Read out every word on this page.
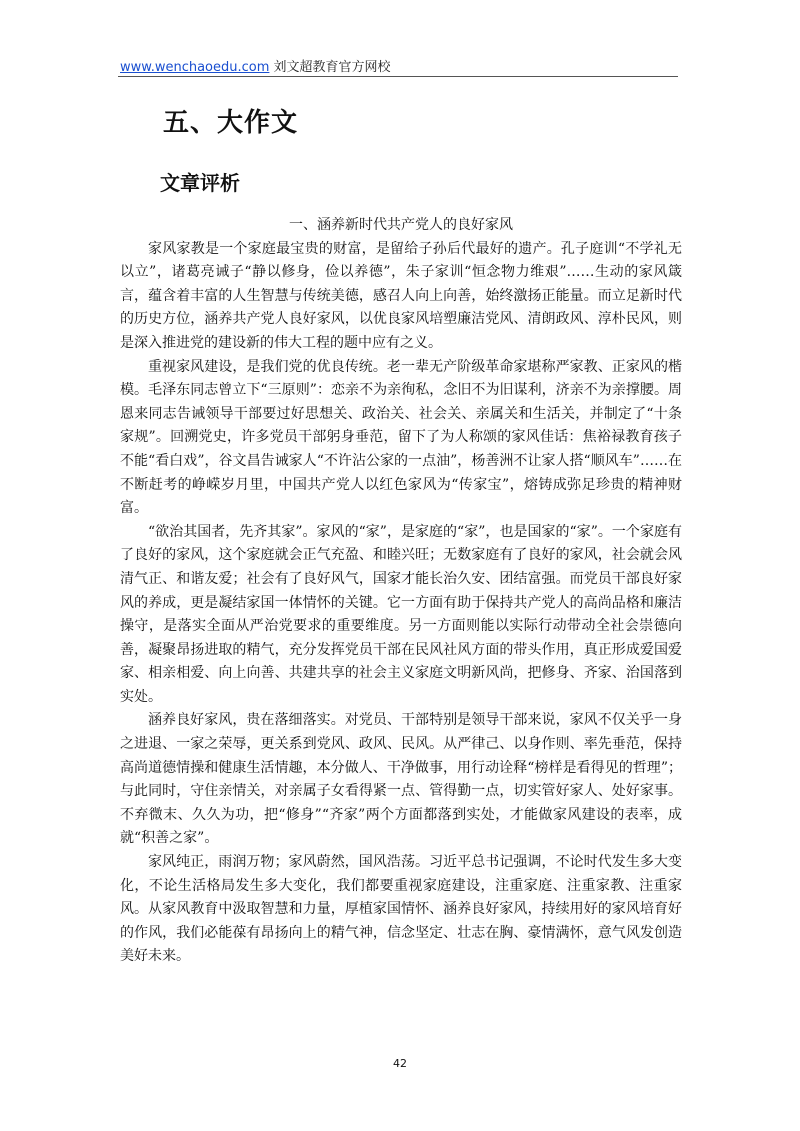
www.wenchaoedu.com 刘文超教育官方网校
五、大作文
文章评析
一、涵养新时代共产党人的良好家风

家风家教是一个家庭最宝贵的财富，是留给子孙后代最好的遗产。孔子庭训“不学礼无以立”，诸葛亮诫子“静以修身，俭以养德”，朱子家训“恒念物力维艰”……生动的家风箴言，蕴含着丰富的人生智慧与传统美德，感召人向上向善，始终激扬正能量。而立足新时代的历史方位，涵养共产党人良好家风，以优良家风培塑廉洁党风、清朗政风、淳朴民风，则是深入推进党的建设新的伟大工程的题中应有之义。

重视家风建设，是我们党的优良传统。老一辈无产阶级革命家堪称严家教、正家风的楷模。毛泽东同志曾立下“三原则”：恋亲不为亲徇私，念旧不为旧谋利，济亲不为亲撑腰。周恩来同志告诫领导干部要过好思想关、政治关、社会关、亲属关和生活关，并制定了“十条家规”。回溯党史，许多党员干部躬身垂范，留下了为人称颂的家风佳话：焦裕禄教育孩子不能“看白戏”，谷文昌告诫家人“不许沾公家的一点油”，杨善洲不让家人搭“顺风车”……在不断赶考的峥嵘岁月里，中国共产党人以红色家风为“传家宝”，熔铸成弥足珍贵的精神财富。

“欲治其国者，先齐其家”。家风的“家”，是家庭的“家”，也是国家的“家”。一个家庭有了良好的家风，这个家庭就会正气充盈、和睦兴旺；无数家庭有了良好的家风，社会就会风清气正、和谐友爱；社会有了良好风气，国家才能长治久安、团结富强。而党员干部良好家风的养成，更是凝结家国一体情怀的关键。它一方面有助于保持共产党人的高尚品格和廉洁操守，是落实全面从严治党要求的重要维度。另一方面则能以实际行动带动全社会崇德向善，凝聚昂扬进取的精气，充分发挥党员干部在民风社风方面的带头作用，真正形成爱国爱家、相亲相爱、向上向善、共建共享的社会主义家庭文明新风尚，把修身、齐家、治国落到实处。

涵养良好家风，贵在落细落实。对党员、干部特别是领导干部来说，家风不仅关乎一身之进退、一家之荣辱，更关系到党风、政风、民风。从严律己、以身作则、率先垂范，保持高尚道德情操和健康生活情趣，本分做人、干净做事，用行动诠释“榜样是看得见的哲理”；与此同时，守住亲情关，对亲属子女看得紧一点、管得勤一点，切实管好家人、处好家事。不弃微末、久久为功，把“修身”“齐家”两个方面都落到实处，才能做家风建设的表率，成就“积善之家”。

家风纯正，雨润万物；家风蔚然，国风浩荡。习近平总书记强调，不论时代发生多大变化，不论生活格局发生多大变化，我们都要重视家庭建设，注重家庭、注重家教、注重家风。从家风教育中汲取智慧和力量，厚植家国情怀、涵养良好家风，持续用好的家风培育好的作风，我们必能葆有昂扬向上的精气神，信念坚定、壮志在胸、豪情满怀，意气风发创造美好未来。

42
